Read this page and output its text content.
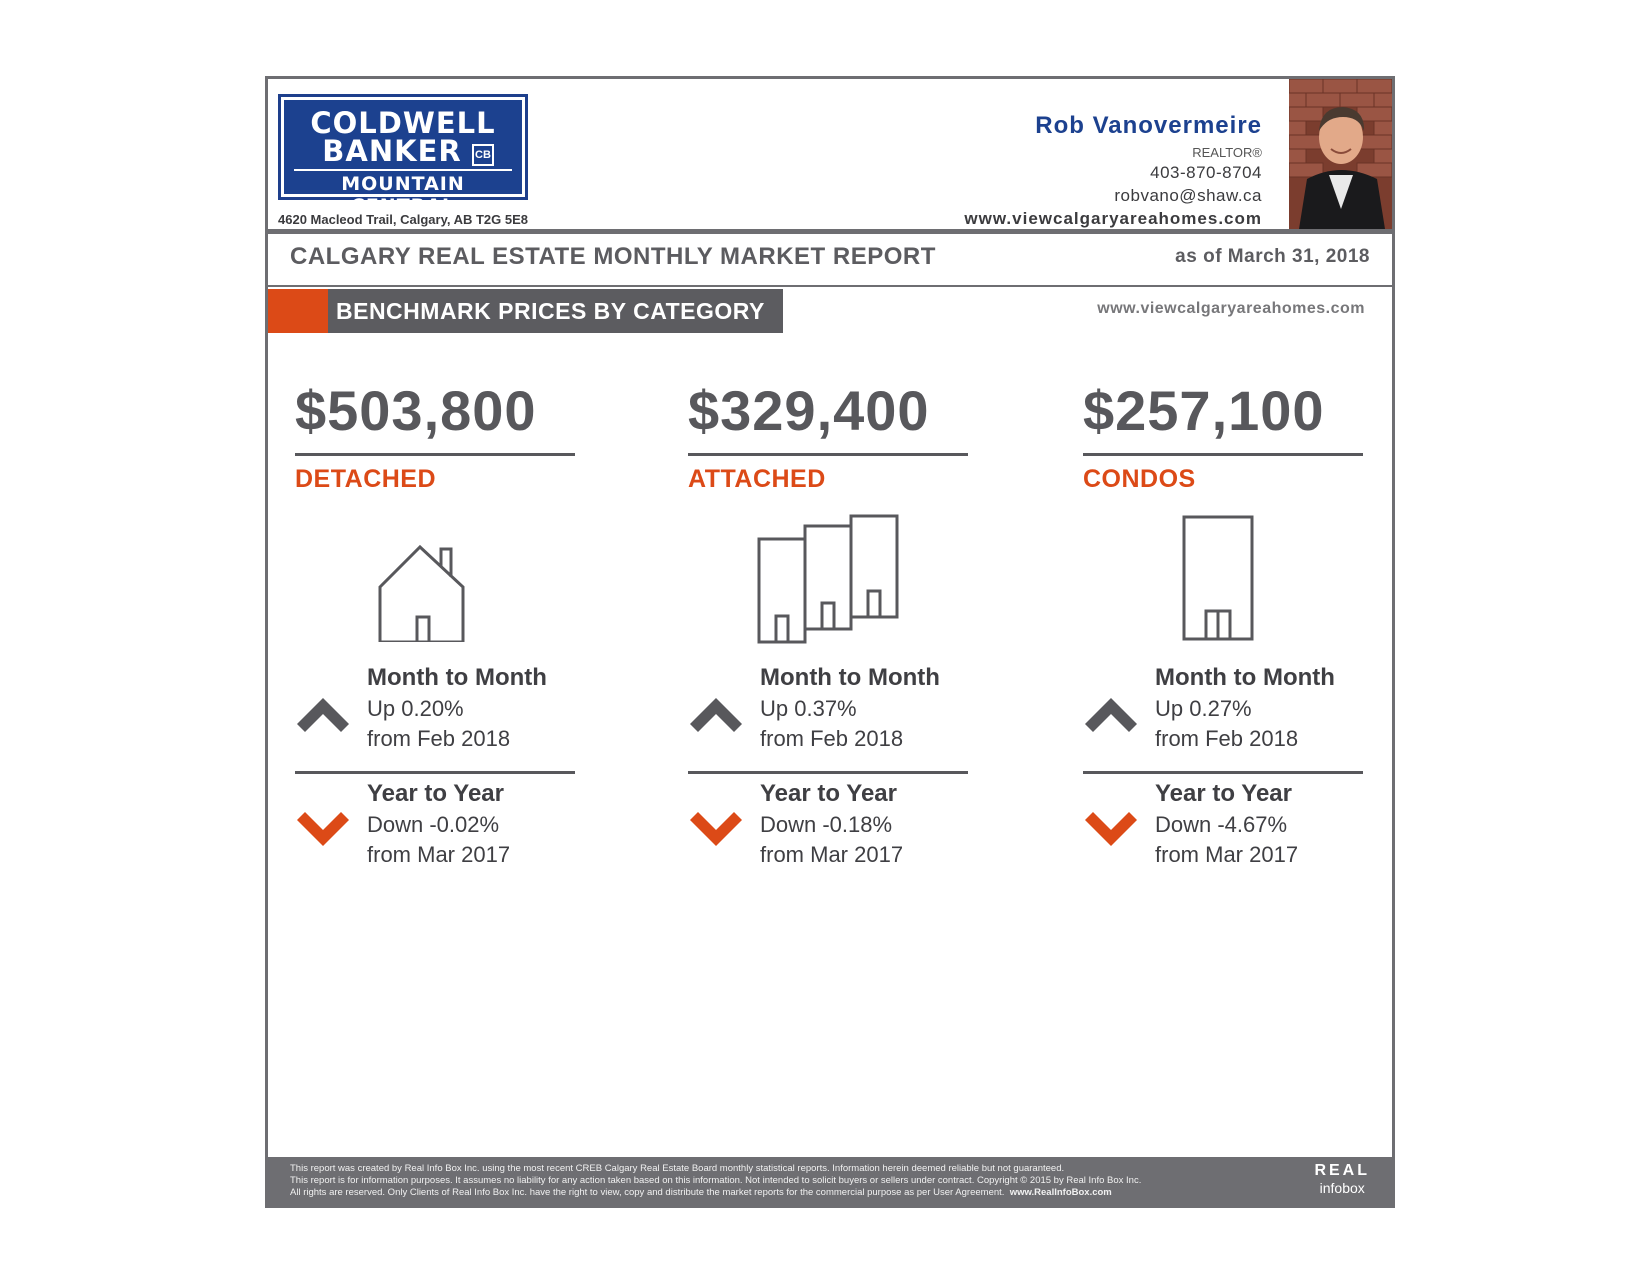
COLDWELL
BANKER	CB
MOUNTAIN CENTRAL
4620 Macleod Trail, Calgary, AB T2G 5E8
Rob Vanovermeire
REALTOR®
403-870-8704
robvano@shaw.ca
www.viewcalgaryareahomes.com
CALGARY REAL ESTATE MONTHLY MARKET REPORT	as of March 31, 2018
BENCHMARK PRICES BY CATEGORY	www.viewcalgaryareahomes.com
$503,800
DETACHED
Month to Month
Up 0.20%
from Feb 2018
Year to Year
Down -0.02%
from Mar 2017
$329,400
ATTACHED
Month to Month
Up 0.37%
from Feb 2018
Year to Year
Down -0.18%
from Mar 2017
$257,100
CONDOS
Month to Month
Up 0.27%
from Feb 2018
Year to Year
Down -4.67%
from Mar 2017
This report was created by Real Info Box Inc. using the most recent CREB Calgary Real Estate Board monthly statistical reports. Information herein deemed reliable but not guaranteed.
This report is for information purposes. It assumes no liability for any action taken based on this information. Not intended to solicit buyers or sellers under contract. Copyright © 2015 by Real Info Box Inc.
All rights are reserved. Only Clients of Real Info Box Inc. have the right to view, copy and distribute the market reports for the commercial purpose as per User Agreement. www.RealInfoBox.com
REAL
infobox
